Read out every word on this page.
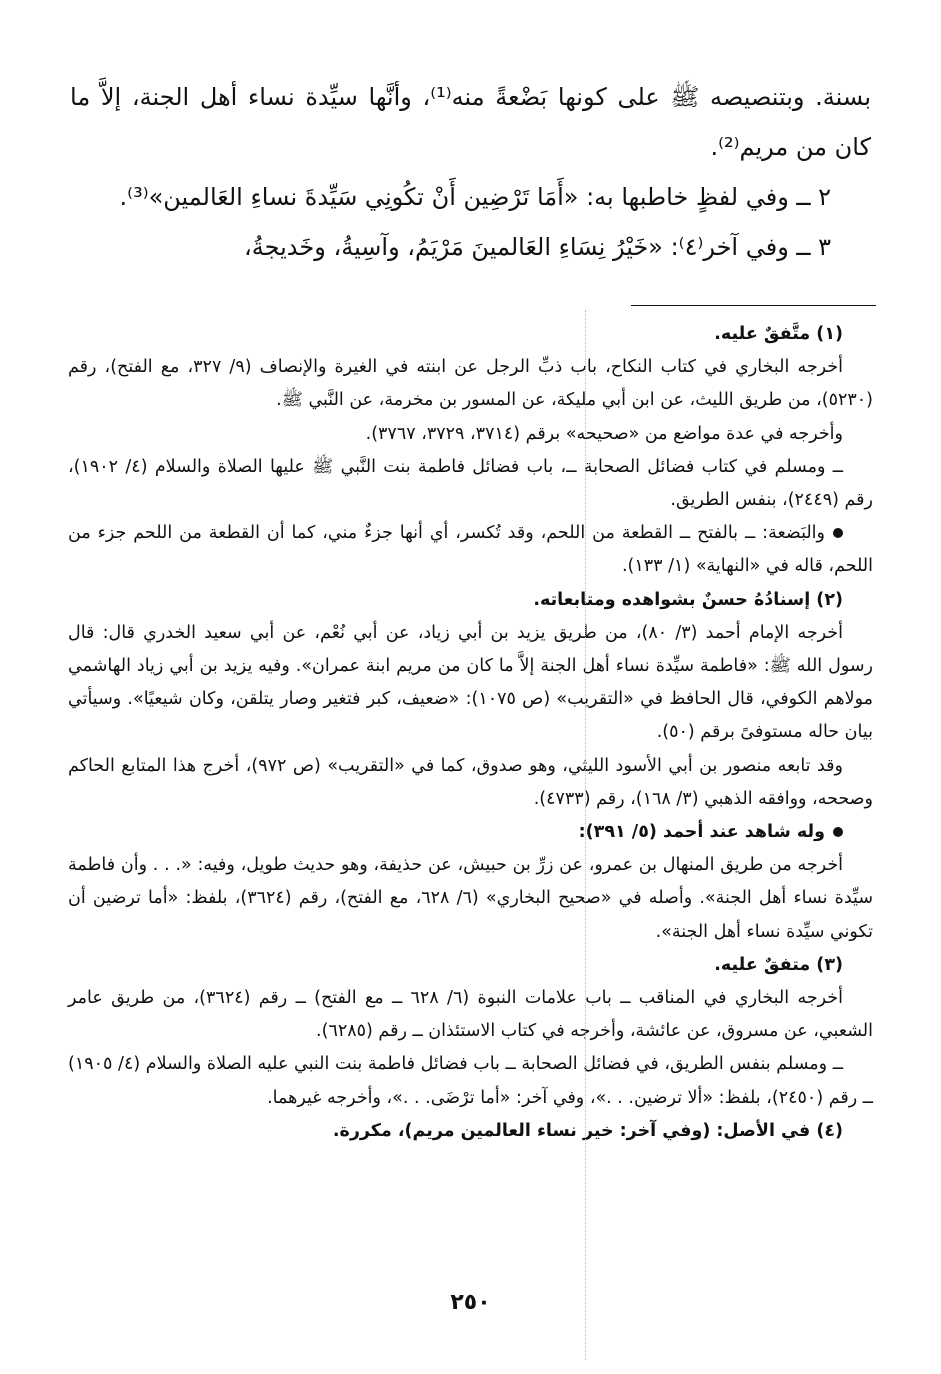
بسنة. وبتنصيصه ﷺ على كونها بَضْعةً منه⁽¹⁾، وأنَّها سيِّدة نساء أهل الجنة، إلاَّ ما كان من مريم⁽²⁾.

٢ ــ وفي لفظٍ خاطبها به: «أَمَا تَرْضِين أَنْ تكُونِي سَيِّدةَ نساءِ العَالمين»⁽³⁾.

٣ ــ وفي آخر⁽٤⁾: «خَيْرُ نِسَاءِ العَالمينَ مَرْيَمُ، وآسِيةُ، وخَديجةُ،

(١) متَّفقٌ عليه.

أخرجه البخاري في كتاب النكاح، باب ذبِّ الرجل عن ابنته في الغيرة والإنصاف (٩/ ٣٢٧، مع الفتح)، رقم (٥٢٣٠)، من طريق الليث، عن ابن أبي مليكة، عن المسور بن مخرمة، عن النَّبي ﷺ.

وأخرجه في عدة مواضع من «صحيحه» برقم (٣٧١٤، ٣٧٢٩، ٣٧٦٧).

ــ ومسلم في كتاب فضائل الصحابة ــ، باب فضائل فاطمة بنت النَّبي ﷺ عليها الصلاة والسلام (٤/ ١٩٠٢)، رقم (٢٤٤٩)، بنفس الطريق.

والبَضعة: ــ بالفتح ــ القطعة من اللحم، وقد تُكسر، أي أنها جزءٌ مني، كما أن القطعة من اللحم جزء من اللحم، قاله في «النهاية» (١/ ١٣٣).

(٢) إسنادُهُ حسنٌ بشواهده ومتابعاته.

أخرجه الإمام أحمد (٣/ ٨٠)، من طريق يزيد بن أبي زياد، عن أبي نُعْم، عن أبي سعيد الخدري قال: قال رسول الله ﷺ: «فاطمة سيِّدة نساء أهل الجنة إلاَّ ما كان من مريم ابنة عمران». وفيه يزيد بن أبي زياد الهاشمي مولاهم الكوفي، قال الحافظ في «التقريب» (ص ١٠٧٥): «ضعيف، كبر فتغير وصار يتلقن، وكان شيعيًا». وسيأتي بيان حاله مستوفىً برقم (٥٠).

وقد تابعه منصور بن أبي الأسود الليثي، وهو صدوق، كما في «التقريب» (ص ٩٧٢)، أخرج هذا المتابع الحاكم وصححه، ووافقه الذهبي (٣/ ١٦٨)، رقم (٤٧٣٣).

وله شاهد عند أحمد (٥/ ٣٩١):

أخرجه من طريق المنهال بن عمرو، عن زرِّ بن حبيش، عن حذيفة، وهو حديث طويل، وفيه: «. . . وأن فاطمة سيِّدة نساء أهل الجنة». وأصله في «صحيح البخاري» (٦/ ٦٢٨، مع الفتح)، رقم (٣٦٢٤)، بلفظ: «أما ترضين أن تكوني سيِّدة نساء أهل الجنة».

(٣) متفقٌ عليه.

أخرجه البخاري في المناقب ــ باب علامات النبوة (٦/ ٦٢٨ ــ مع الفتح) ــ رقم (٣٦٢٤)، من طريق عامر الشعبي، عن مسروق، عن عائشة، وأخرجه في كتاب الاستئذان ــ رقم (٦٢٨٥).

ــ ومسلم بنفس الطريق، في فضائل الصحابة ــ باب فضائل فاطمة بنت النبي عليه الصلاة والسلام (٤/ ١٩٠٥) ــ رقم (٢٤٥٠)، بلفظ: «ألا ترضين. . .»، وفي آخر: «أما ترْضَى. . .»، وأخرجه غيرهما.

(٤) في الأصل: (وفي آخر: خير نساء العالمين مريم)، مكررة.

٢٥٠
